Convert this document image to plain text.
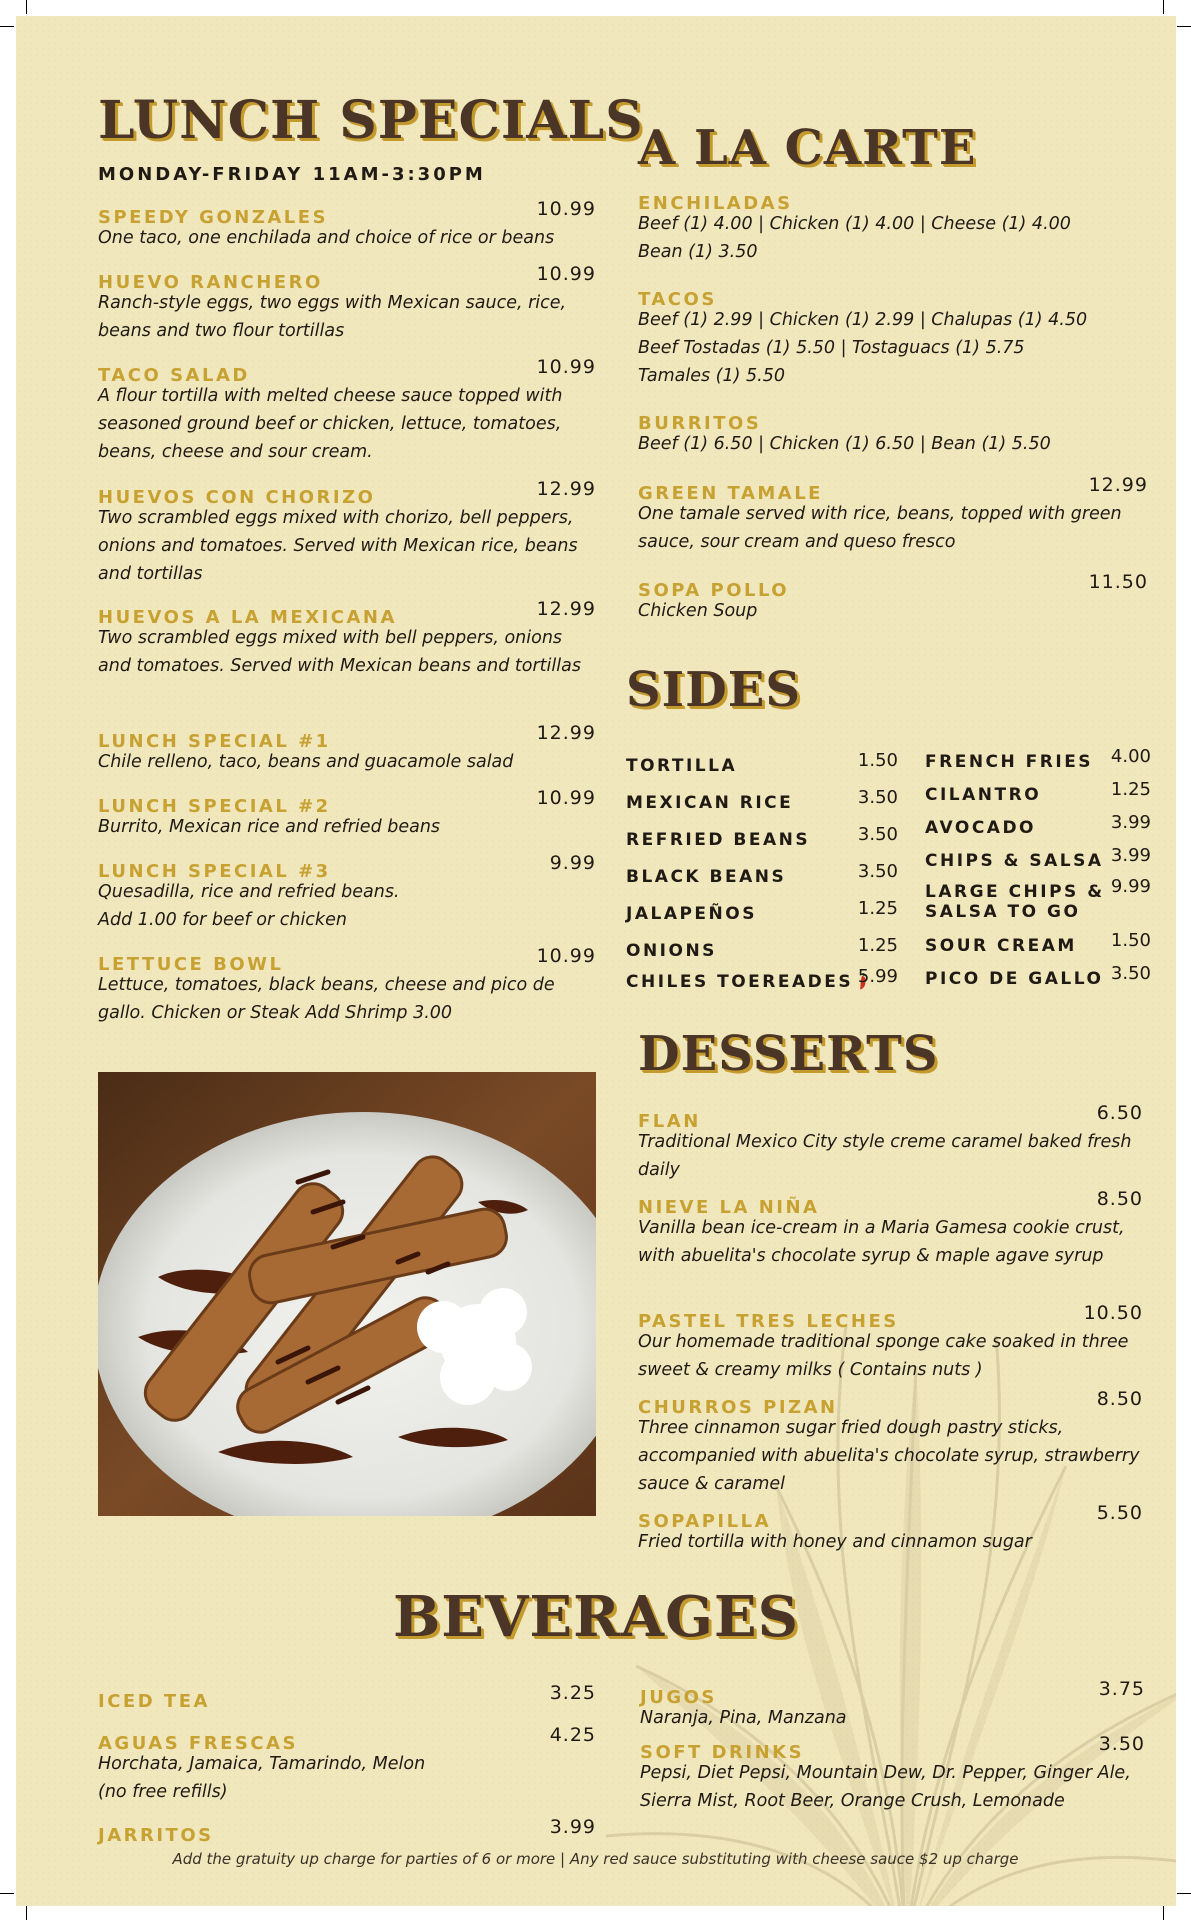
LUNCH SPECIALS
MONDAY-FRIDAY 11AM-3:30PM
SPEEDY GONZALES	10.99
One taco, one enchilada and choice of rice or beans
HUEVO RANCHERO	10.99
Ranch-style eggs, two eggs with Mexican sauce, rice, beans and two flour tortillas
TACO SALAD	10.99
A flour tortilla with melted cheese sauce topped with seasoned ground beef or chicken, lettuce, tomatoes, beans, cheese and sour cream.
HUEVOS CON CHORIZO	12.99
Two scrambled eggs mixed with chorizo, bell peppers, onions and tomatoes. Served with Mexican rice, beans and tortillas
HUEVOS A LA MEXICANA	12.99
Two scrambled eggs mixed with bell peppers, onions and tomatoes. Served with Mexican beans and tortillas
LUNCH SPECIAL #1	12.99
Chile relleno, taco, beans and guacamole salad
LUNCH SPECIAL #2	10.99
Burrito, Mexican rice and refried beans
LUNCH SPECIAL #3	9.99
Quesadilla, rice and refried beans.
Add 1.00 for beef or chicken
LETTUCE BOWL	10.99
Lettuce, tomatoes, black beans, cheese and pico de gallo. Chicken or Steak Add Shrimp 3.00
A LA CARTE
ENCHILADAS
Beef (1) 4.00 | Chicken (1) 4.00 | Cheese (1) 4.00
Bean (1) 3.50
TACOS
Beef (1) 2.99 | Chicken (1) 2.99 | Chalupas (1) 4.50
Beef Tostadas (1) 5.50 | Tostaguacs (1) 5.75
Tamales (1) 5.50
BURRITOS
Beef (1) 6.50 | Chicken (1) 6.50 | Bean (1) 5.50
GREEN TAMALE	12.99
One tamale served with rice, beans, topped with green sauce, sour cream and queso fresco
SOPA POLLO	11.50
Chicken Soup
SIDES
TORTILLA	1.50
MEXICAN RICE	3.50
REFRIED BEANS	3.50
BLACK BEANS	3.50
JALAPEÑOS	1.25
ONIONS	1.25
CHILES TOEREADES 5.99
FRENCH FRIES 4.00
CILANTRO	1.25
AVOCADO	3.99
CHIPS & SALSA 3.99
LARGE CHIPS &
SALSA TO GO
9.99
SOUR CREAM	1.50
PICO DE GALLO 3.50
DESSERTS
FLAN	6.50
Traditional Mexico City style creme caramel baked fresh daily
NIEVE LA NIÑA	8.50
Vanilla bean ice-cream in a Maria Gamesa cookie crust, with abuelita's chocolate syrup & maple agave syrup
PASTEL TRES LECHES	10.50
Our homemade traditional sponge cake soaked in three sweet & creamy milks ( Contains nuts )
CHURROS PIZAN	8.50
Three cinnamon sugar fried dough pastry sticks, accompanied with abuelita's chocolate syrup, strawberry sauce & caramel
SOPAPILLA	5.50
Fried tortilla with honey and cinnamon sugar
BEVERAGES
ICED TEA	3.25
AGUAS FRESCAS	4.25
Horchata, Jamaica, Tamarindo, Melon
(no free refills)
JARRITOS	3.99
JUGOS	3.75
Naranja, Pina, Manzana
SOFT DRINKS	3.50
Pepsi, Diet Pepsi, Mountain Dew, Dr. Pepper, Ginger Ale, Sierra Mist, Root Beer, Orange Crush, Lemonade
Add the gratuity up charge for parties of 6 or more | Any red sauce substituting with cheese sauce $2 up charge
